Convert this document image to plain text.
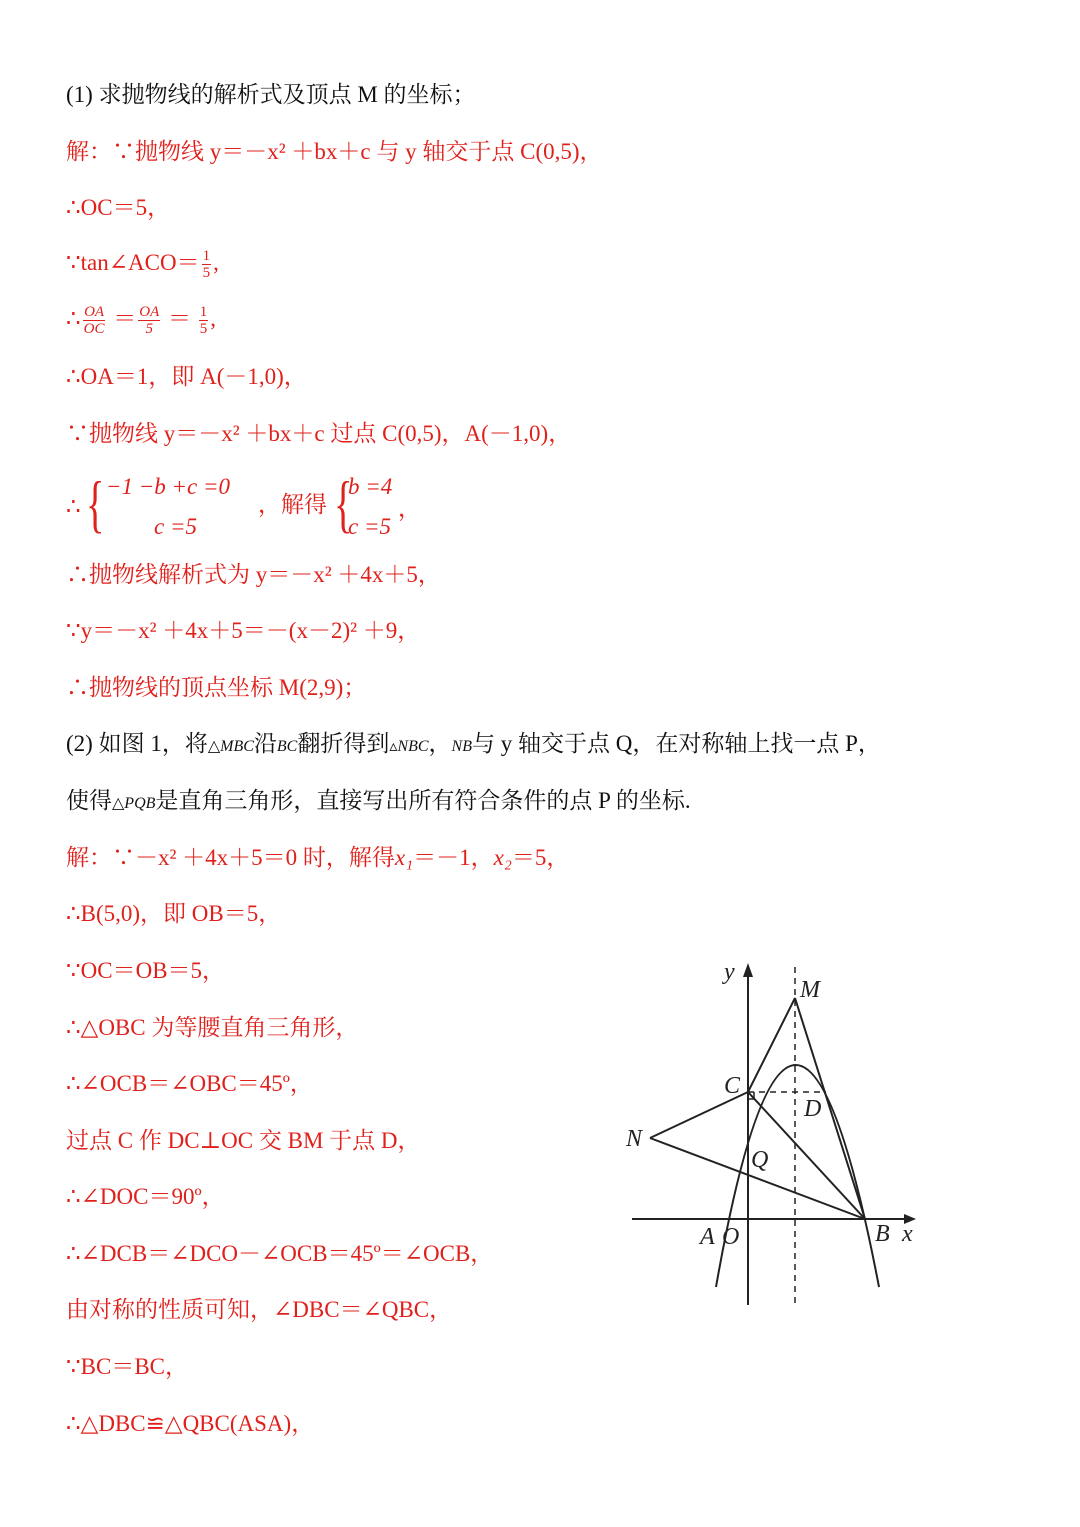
(1) 求抛物线的解析式及顶点 M 的坐标；
解：∵抛物线 y＝－x² ＋bx＋c 与 y 轴交于点 C(0,5)，
∴OC＝5，
∵tan∠ACO＝ $\frac{1}{5}$ ,
∴ $\frac{OA}{OC} = \frac{OA}{5} = \frac{1}{5}$ ,
∴OA＝1，即 A(－1,0)，
∵抛物线 y＝－x² ＋bx＋c 过点 C(0,5)，A(－1,0)，
∴ { −1 −b +c =0
c =5
，解得 {
b =4
c =5
，
∴抛物线解析式为 y＝－x² ＋4x＋5，
∵y＝－x² ＋4x＋5＝－(x－2)² ＋9，
∴抛物线的顶点坐标 M(2,9)；
(2) 如图 1，将△MBC沿BC翻折得到▵NBC，NB与 y 轴交于点 Q，在对称轴上找一点 P，
使得△PQB是直角三角形，直接写出所有符合条件的点 P 的坐标.
解：∵－x² ＋4x＋5＝0 时，解得x₁＝－1，x₂＝5，
∴B(5,0)，即 OB＝5，
∵OC＝OB＝5，
∴△OBC 为等腰直角三角形，
∴∠OCB＝∠OBC＝45º，
过点 C 作 DC⊥OC 交 BM 于点 D，
∴∠DOC＝90º，
∴∠DCB＝∠DCO－∠OCB＝45º＝∠OCB，
由对称的性质可知，∠DBC＝∠QBC，
∵BC＝BC，
∴△DBC≌△QBC(ASA)，
y
x
M
C
D
N
Q
A O	B
